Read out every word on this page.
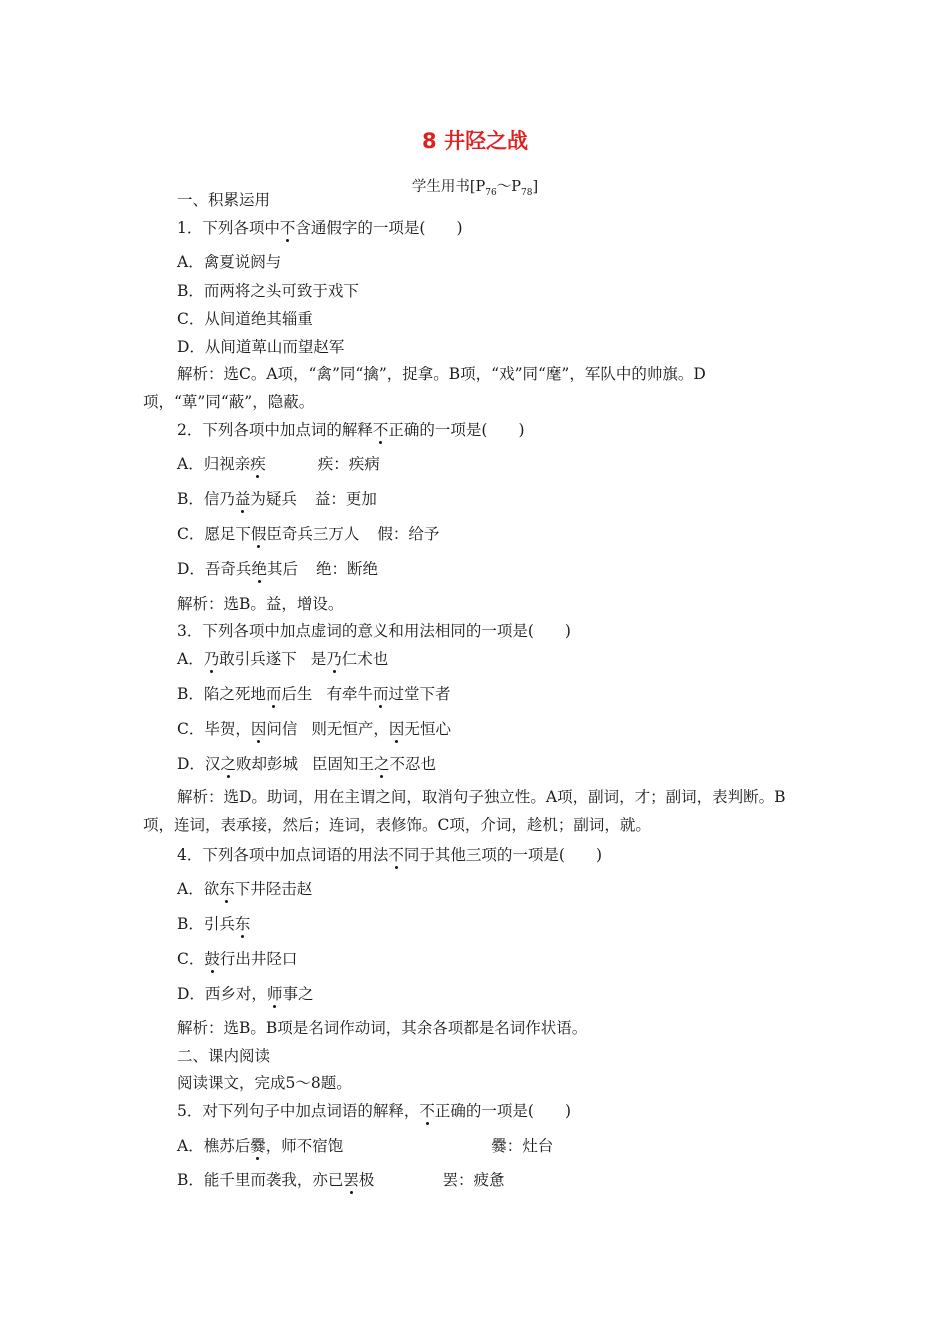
8 井陉之战
学生用书$[P_{76}\sim P_{78}]$
一、积累运用
1．下列各项中不含通假字的一项是(　　)
A．禽夏说阏与
B．而两将之头可致于戏下
C．从间道绝其辎重
D．从间道萆山而望赵军
解析：选C。A项，“禽”同“擒”，捉拿。B项，“戏”同“麾”，军队中的帅旗。D项，“萆”同“蔽”，隐蔽。
2．下列各项中加点词的解释不正确的一项是(　　)
A．归视亲疾	疾：疾病
B．信乃益为疑兵 益：更加
C．愿足下假臣奇兵三万人 假：给予
D．吾奇兵绝其后 绝：断绝
解析：选B。益，增设。
3．下列各项中加点虚词的意义和用法相同的一项是(　　)
A．乃敢引兵遂下 是乃仁术也
B．陷之死地而后生 有牵牛而过堂下者
C．毕贺，因问信 则无恒产，因无恒心
D．汉之败却彭城 臣固知王之不忍也
解析：选D。助词，用在主谓之间，取消句子独立性。A项，副词，才；副词，表判断。B项，连词，表承接，然后；连词，表修饰。C项，介词，趁机；副词，就。
4．下列各项中加点词语的用法不同于其他三项的一项是(　　)
A．欲东下井陉击赵
B．引兵东
C．鼓行出井陉口
D．西乡对，师事之
解析：选B。B项是名词作动词，其余各项都是名词作状语。
二、课内阅读
阅读课文，完成5～8题。
5．对下列句子中加点词语的解释，不正确的一项是(　　)
A．樵苏后爨，师不宿饱	爨：灶台
B．能千里而袭我，亦已罢极	罢：疲惫
